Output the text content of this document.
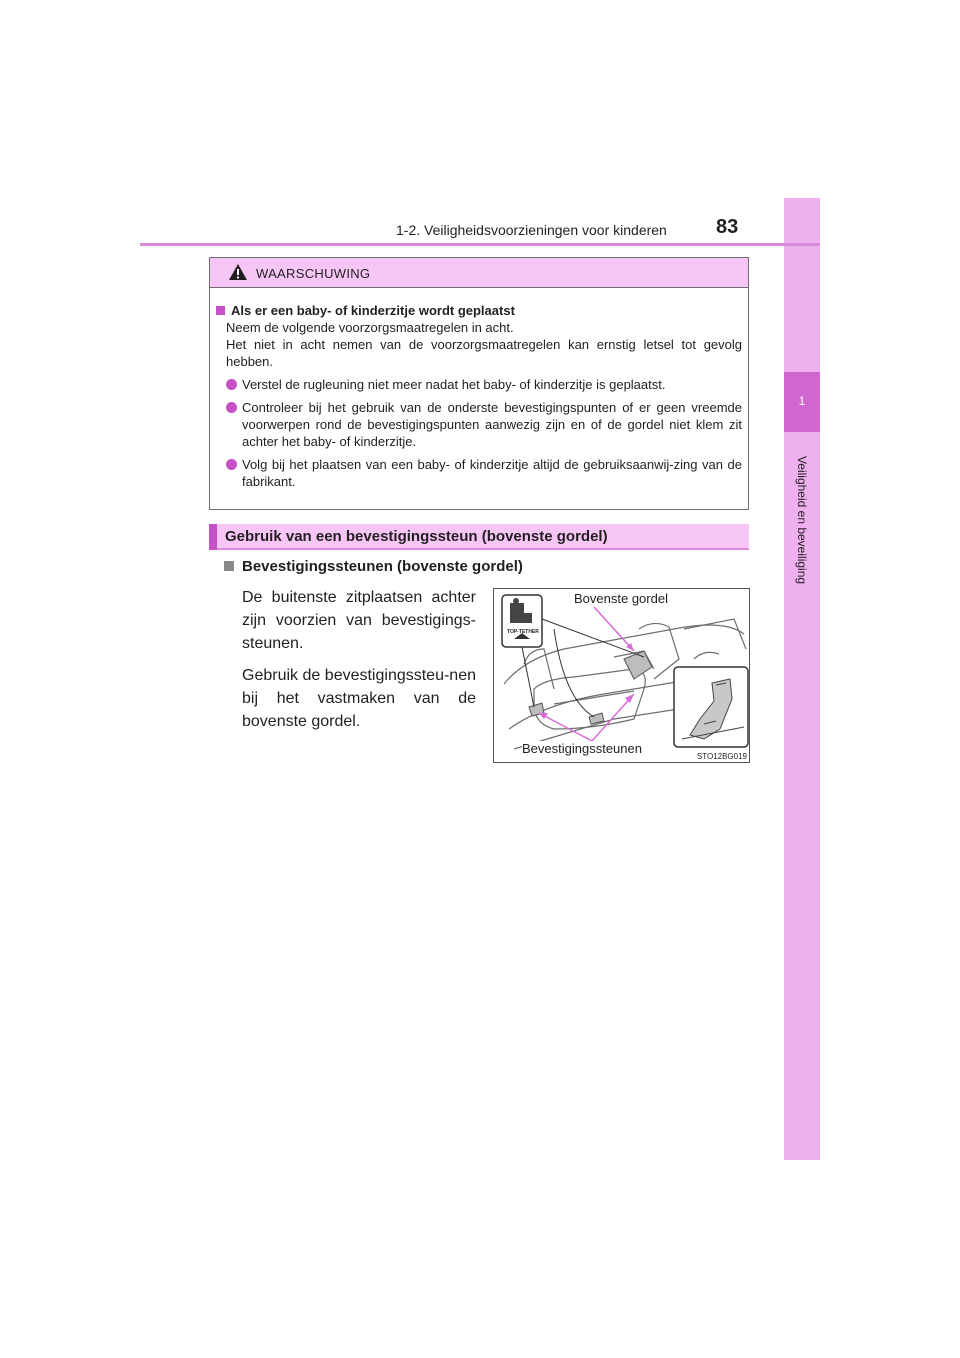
1
Veiligheid en beveiliging
1-2. Veiligheidsvoorzieningen voor kinderen 83
WAARSCHUWING
Als er een baby- of kinderzitje wordt geplaatst
Neem de volgende voorzorgsmaatregelen in acht.
Het niet in acht nemen van de voorzorgsmaatregelen kan ernstig letsel tot gevolg hebben.
Verstel de rugleuning niet meer nadat het baby- of kinderzitje is geplaatst.
Controleer bij het gebruik van de onderste bevestigingspunten of er geen vreemde voorwerpen rond de bevestigingspunten aanwezig zijn en of de gordel niet klem zit achter het baby- of kinderzitje.
Volg bij het plaatsen van een baby- of kinderzitje altijd de gebruiksaanwij-zing van de fabrikant.
Gebruik van een bevestigingssteun (bovenste gordel)
Bevestigingssteunen (bovenste gordel)

De buitenste zitplaatsen achter zijn voorzien van bevestigings-steunen.

Gebruik de bevestigingssteu-nen bij het vastmaken van de bovenste gordel.

Bovenste gordel
Bevestigingssteunen
TOP-TETHER
STO12BG019
